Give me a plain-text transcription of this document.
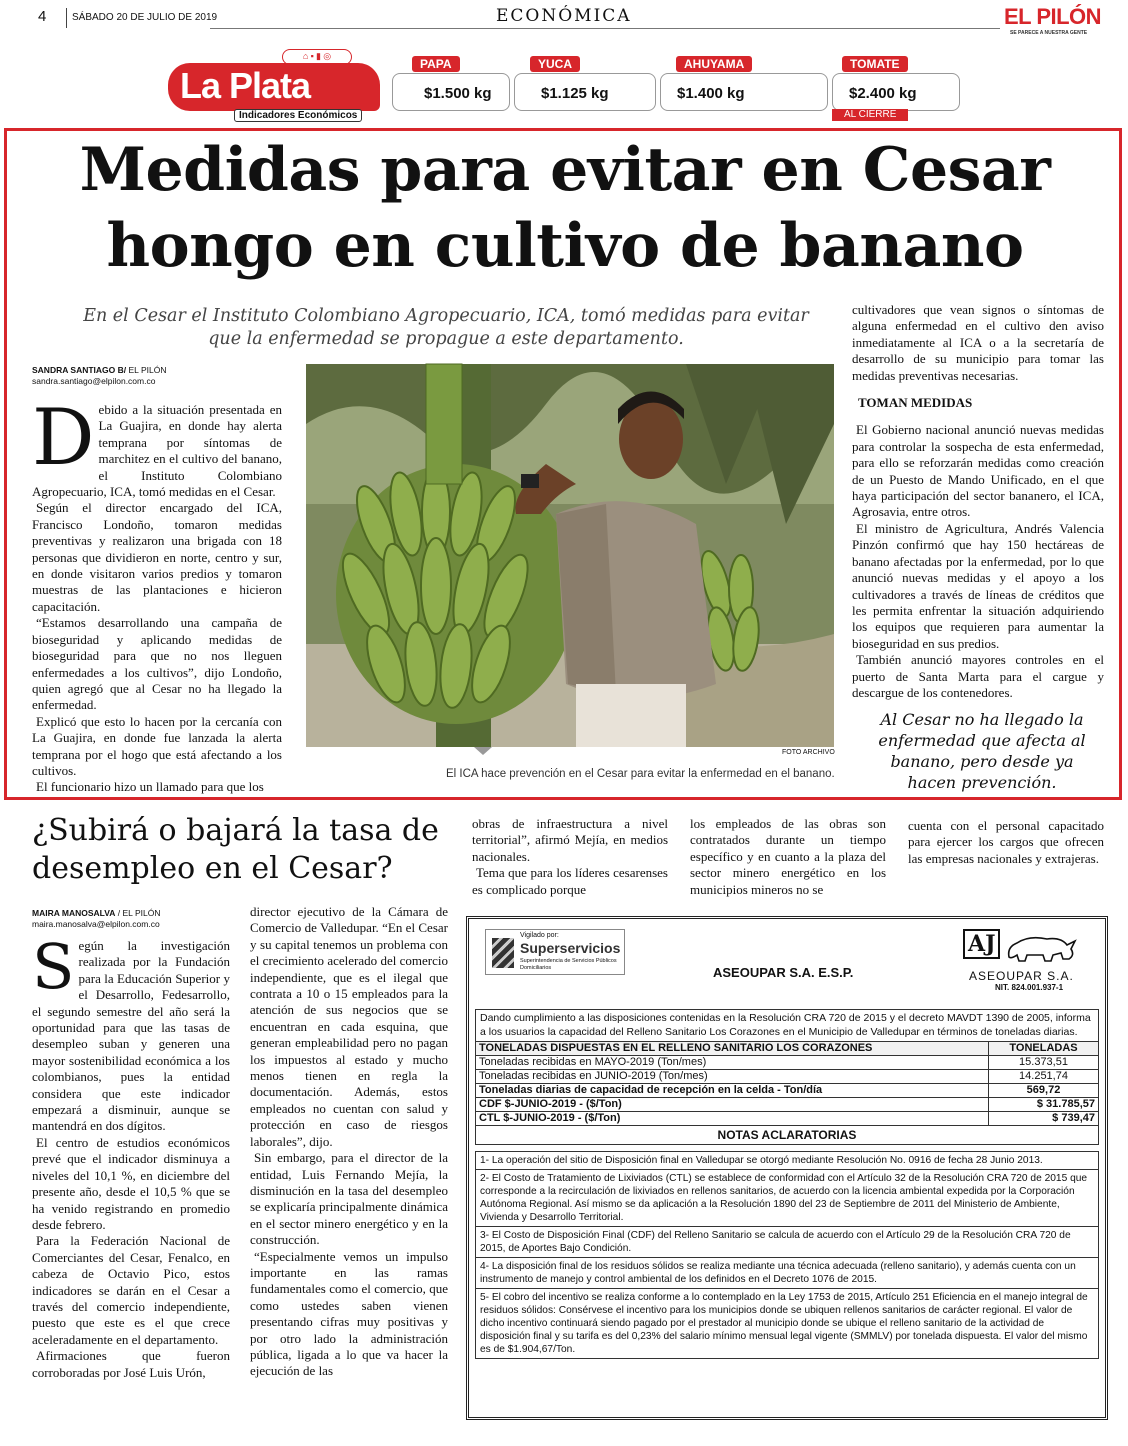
4	SÁBADO 20 DE JULIO DE 2019	ECONÓMICA	EL PILÓN
SE PARECE A NUESTRA GENTE
⌂ ▪ ▮ ◎
La Plata
Indicadores Económicos
PAPA	YUCA	AHUYAMA	TOMATE
$1.500 kg	$1.125 kg	$1.400 kg	$2.400 kg
AL CIERRE
Medidas para evitar en Cesar hongo en cultivo de banano
En el Cesar el Instituto Colombiano Agropecuario, ICA, tomó medidas para evitar que la enfermedad se propague a este departamento.
SANDRA SANTIAGO B/ EL PILÓN
sandra.santiago@elpilon.com.co

Debido a la situación presentada en La Guajira, en donde hay alerta temprana por síntomas de marchitez en el cultivo del banano, el Instituto Colombiano Agropecuario, ICA, tomó medidas en el Cesar.

Según el director encargado del ICA, Francisco Londoño, tomaron medidas preventivas y realizaron una brigada con 18 personas que dividieron en norte, centro y sur, en donde visitaron varios predios y tomaron muestras de las plantaciones e hicieron capacitación.

“Estamos desarrollando una campaña de bioseguridad y aplicando medidas de bioseguridad para que no nos lleguen enfermedades a los cultivos”, dijo Londoño, quien agregó que al Cesar no ha llegado la enfermedad.

Explicó que esto lo hacen por la cercanía con La Guajira, en donde fue lanzada la alerta temprana por el hogo que está afectando a los cultivos.

El funcionario hizo un llamado para que los

FOTO ARCHIVO
El ICA hace prevención en el Cesar para evitar la enfermedad en el banano.

cultivadores que vean signos o síntomas de alguna enfermedad en el cultivo den aviso inmediatamente al ICA o a la secretaría de desarrollo de su municipio para tomar las medidas preventivas necesarias.

TOMAN MEDIDAS

El Gobierno nacional anunció nuevas medidas para controlar la sospecha de esta enfermedad, para ello se reforzarán medidas como creación de un Puesto de Mando Unificado, en el que haya participación del sector bananero, el ICA, Agrosavia, entre otros.

El ministro de Agricultura, Andrés Valencia Pinzón confirmó que hay 150 hectáreas de banano afectadas por la enfermedad, por lo que anunció nuevas medidas y el apoyo a los cultivadores a través de líneas de créditos que les permita enfrentar la situación adquiriendo los equipos que requieren para aumentar la bioseguridad en sus predios.

También anunció mayores controles en el puerto de Santa Marta para el cargue y descargue de los contenedores.

Al Cesar no ha llegado la enfermedad que afecta al banano, pero desde ya hacen prevención.
¿Subirá o bajará la tasa de desempleo en el Cesar?
MAIRA MANOSALVA / EL PILÓN
maira.manosalva@elpilon.com.co

Según la investigación realizada por la Fundación para la Educación Superior y el Desarrollo, Fedesarrollo, el segundo semestre del año será la oportunidad para que las tasas de desempleo suban y generen una mayor sostenibilidad económica a los colombianos, pues la entidad considera que este indicador empezará a disminuir, aunque se mantendrá en dos dígitos.

El centro de estudios económicos prevé que el indicador disminuya a niveles del 10,1 %, en diciembre del presente año, desde el 10,5 % que se ha venido registrando en promedio desde febrero.

Para la Federación Nacional de Comerciantes del Cesar, Fenalco, en cabeza de Octavio Pico, estos indicadores se darán en el Cesar a través del comercio independiente, puesto que este es el que crece aceleradamente en el departamento.

Afirmaciones que fueron corroboradas por José Luis Urón,

director ejecutivo de la Cámara de Comercio de Valledupar. “En el Cesar y su capital tenemos un problema con el crecimiento acelerado del comercio independiente, que es el ilegal que contrata a 10 o 15 empleados para la atención de sus negocios que se encuentran en cada esquina, que generan empleabilidad pero no pagan los impuestos al estado y mucho menos tienen en regla la documentación. Además, estos empleados no cuentan con salud y protección en caso de riesgos laborales”, dijo.

Sin embargo, para el director de la entidad, Luis Fernando Mejía, la disminución en la tasa del desempleo se explicaría principalmente dinámica en el sector minero energético y en la construcción.

“Especialmente vemos un impulso importante en las ramas fundamentales como el comercio, que como ustedes saben vienen presentando cifras muy positivas y por otro lado la administración pública, ligada a lo que va hacer la ejecución de las

obras de infraestructura a nivel territorial”, afirmó Mejía, en medios nacionales.

Tema que para los líderes cesarenses es complicado porque

los empleados de las obras son contratados durante un tiempo específico y en cuanto a la plaza del sector minero energético en los municipios mineros no se

cuenta con el personal capacitado para ejercer los cargos que ofrecen las empresas nacionales y extrajeras.

Vigilado por:
Superservicios
Superintendencia de Servicios Públicos Domiciliarios	ASEOUPAR S.A. E.S.P.
AJ
ASEOUPAR S.A.
NIT. 824.001.937-1
Dando cumplimiento a las disposiciones contenidas en la Resolución CRA 720 de 2015 y el decreto MAVDT 1390 de 2005, informa a los usuarios la capacidad del Relleno Sanitario Los Corazones en el Municipio de Valledupar en términos de toneladas diarias.
TONELADAS DISPUESTAS EN EL RELLENO SANITARIO LOS CORAZONES	TONELADAS
Toneladas recibidas en MAYO-2019 (Ton/mes)	15.373,51
Toneladas recibidas en JUNIO-2019 (Ton/mes)	14.251,74
Toneladas diarias de capacidad de recepción en la celda - Ton/día	569,72
CDF $-JUNIO-2019 - ($/Ton)	$ 31.785,57
CTL $-JUNIO-2019 - ($/Ton)	$ 739,47
NOTAS ACLARATORIAS
1- La operación del sitio de Disposición final en Valledupar se otorgó mediante Resolución No. 0916 de fecha 28 Junio 2013.
2- El Costo de Tratamiento de Lixiviados (CTL) se establece de conformidad con el Artículo 32 de la Resolución CRA 720 de 2015 que corresponde a la recirculación de lixiviados en rellenos sanitarios, de acuerdo con la licencia ambiental expedida por la Corporación Autónoma Regional. Así mismo se da aplicación a la Resolución 1890 del 23 de Septiembre de 2011 del Ministerio de Ambiente, Vivienda y Desarrollo Territorial.
3- El Costo de Disposición Final (CDF) del Relleno Sanitario se calcula de acuerdo con el Artículo 29 de la Resolución CRA 720 de 2015, de Aportes Bajo Condición.
4- La disposición final de los residuos sólidos se realiza mediante una técnica adecuada (relleno sanitario), y además cuenta con un instrumento de manejo y control ambiental de los definidos en el Decreto 1076 de 2015.
5- El cobro del incentivo se realiza conforme a lo contemplado en la Ley 1753 de 2015, Artículo 251 Eficiencia en el manejo integral de residuos sólidos: Consérvese el incentivo para los municipios donde se ubiquen rellenos sanitarios de carácter regional. El valor de dicho incentivo continuará siendo pagado por el prestador al municipio donde se ubique el relleno sanitario de la actividad de disposición final y su tarifa es del 0,23% del salario mínimo mensual legal vigente (SMMLV) por tonelada dispuesta. El valor del mismo es de $1.904,67/Ton.
